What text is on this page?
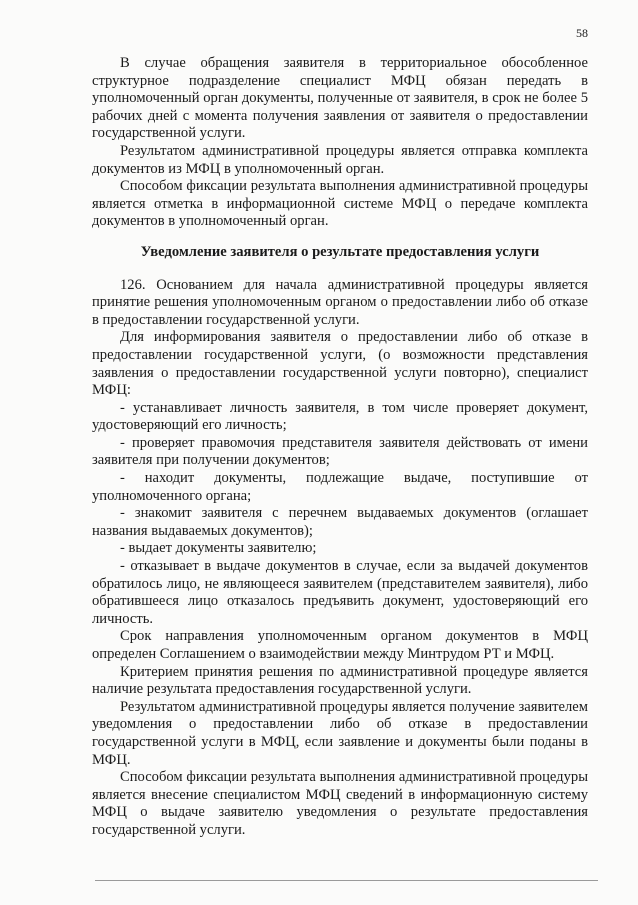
58

В случае обращения заявителя в территориальное обособленное структурное подразделение специалист МФЦ обязан передать в уполномоченный орган документы, полученные от заявителя, в срок не более 5 рабочих дней с момента получения заявления от заявителя о предоставлении государственной услуги.

Результатом административной процедуры является отправка комплекта документов из МФЦ в уполномоченный орган.

Способом фиксации результата выполнения административной процедуры является отметка в информационной системе МФЦ о передаче комплекта документов в уполномоченный орган.

Уведомление заявителя о результате предоставления услуги

126. Основанием для начала административной процедуры является принятие решения уполномоченным органом о предоставлении либо об отказе в предоставлении государственной услуги.

Для информирования заявителя о предоставлении либо об отказе в предоставлении государственной услуги, (о возможности представления заявления о предоставлении государственной услуги повторно), специалист МФЦ:

- устанавливает личность заявителя, в том числе проверяет документ, удостоверяющий его личность;

- проверяет правомочия представителя заявителя действовать от имени заявителя при получении документов;

- находит документы, подлежащие выдаче, поступившие от уполномоченного органа;

- знакомит заявителя с перечнем выдаваемых документов (оглашает названия выдаваемых документов);

- выдает документы заявителю;

- отказывает в выдаче документов в случае, если за выдачей документов обратилось лицо, не являющееся заявителем (представителем заявителя), либо обратившееся лицо отказалось предъявить документ, удостоверяющий его личность.

Срок направления уполномоченным органом документов в МФЦ определен Соглашением о взаимодействии между Минтрудом РТ и МФЦ.

Критерием принятия решения по административной процедуре является наличие результата предоставления государственной услуги.

Результатом административной процедуры является получение заявителем уведомления о предоставлении либо об отказе в предоставлении государственной услуги в МФЦ, если заявление и документы были поданы в МФЦ.

Способом фиксации результата выполнения административной процедуры является внесение специалистом МФЦ сведений в информационную систему МФЦ о выдаче заявителю уведомления о результате предоставления государственной услуги.
